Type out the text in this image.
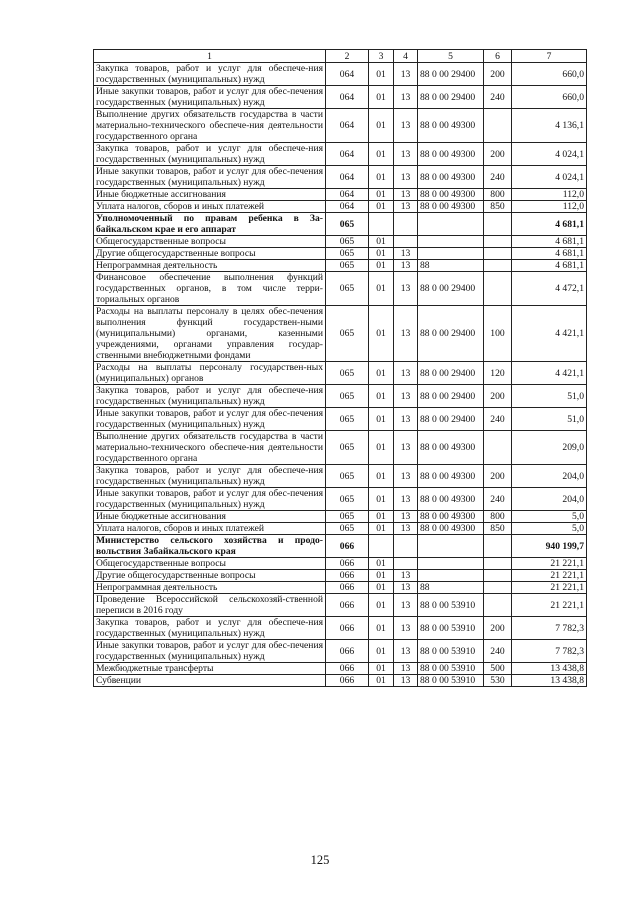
1	2	3	4	5	6	7
Закупка товаров, работ и услуг для обеспече-ния государственных (муниципальных) нужд	064	01	13	88 0 00 29400	200	660,0
Иные закупки товаров, работ и услуг для обес-печения государственных (муниципальных) нужд	064	01	13	88 0 00 29400	240	660,0
Выполнение других обязательств государства в части материально-технического обеспече-ния деятельности государственного органа	064	01	13	88 0 00 49300		4 136,1
Закупка товаров, работ и услуг для обеспече-ния государственных (муниципальных) нужд	064	01	13	88 0 00 49300	200	4 024,1
Иные закупки товаров, работ и услуг для обес-печения государственных (муниципальных) нужд	064	01	13	88 0 00 49300	240	4 024,1
Иные бюджетные ассигнования	064	01	13	88 0 00 49300	800	112,0
Уплата налогов, сборов и иных платежей	064	01	13	88 0 00 49300	850	112,0
Уполномоченный по правам ребенка в За-байкальском крае и его аппарат	065					4 681,1
Общегосударственные вопросы	065	01				4 681,1
Другие общегосударственные вопросы	065	01	13			4 681,1
Непрограммная деятельность	065	01	13	88		4 681,1
Финансовое обеспечение выполнения функций государственных органов, в том числе терри-ториальных органов	065	01	13	88 0 00 29400		4 472,1
Расходы на выплаты персоналу в целях обес-печения выполнения функций государствен-ными (муниципальными) органами, казенными учреждениями, органами управления государ-ственными внебюджетными фондами	065	01	13	88 0 00 29400	100	4 421,1
Расходы на выплаты персоналу государствен-ных (муниципальных) органов	065	01	13	88 0 00 29400	120	4 421,1
Закупка товаров, работ и услуг для обеспече-ния государственных (муниципальных) нужд	065	01	13	88 0 00 29400	200	51,0
Иные закупки товаров, работ и услуг для обес-печения государственных (муниципальных) нужд	065	01	13	88 0 00 29400	240	51,0
Выполнение других обязательств государства в части материально-технического обеспече-ния деятельности государственного органа	065	01	13	88 0 00 49300		209,0
Закупка товаров, работ и услуг для обеспече-ния государственных (муниципальных) нужд	065	01	13	88 0 00 49300	200	204,0
Иные закупки товаров, работ и услуг для обес-печения государственных (муниципальных) нужд	065	01	13	88 0 00 49300	240	204,0
Иные бюджетные ассигнования	065	01	13	88 0 00 49300	800	5,0
Уплата налогов, сборов и иных платежей	065	01	13	88 0 00 49300	850	5,0
Министерство сельского хозяйства и продо-вольствия Забайкальского края	066					940 199,7
Общегосударственные вопросы	066	01				21 221,1
Другие общегосударственные вопросы	066	01	13			21 221,1
Непрограммная деятельность	066	01	13	88		21 221,1
Проведение Всероссийской сельскохозяй-ственной переписи в 2016 году	066	01	13	88 0 00 53910		21 221,1
Закупка товаров, работ и услуг для обеспече-ния государственных (муниципальных) нужд	066	01	13	88 0 00 53910	200	7 782,3
Иные закупки товаров, работ и услуг для обес-печения государственных (муниципальных) нужд	066	01	13	88 0 00 53910	240	7 782,3
Межбюджетные трансферты	066	01	13	88 0 00 53910	500	13 438,8
Субвенции	066	01	13	88 0 00 53910	530	13 438,8
125
